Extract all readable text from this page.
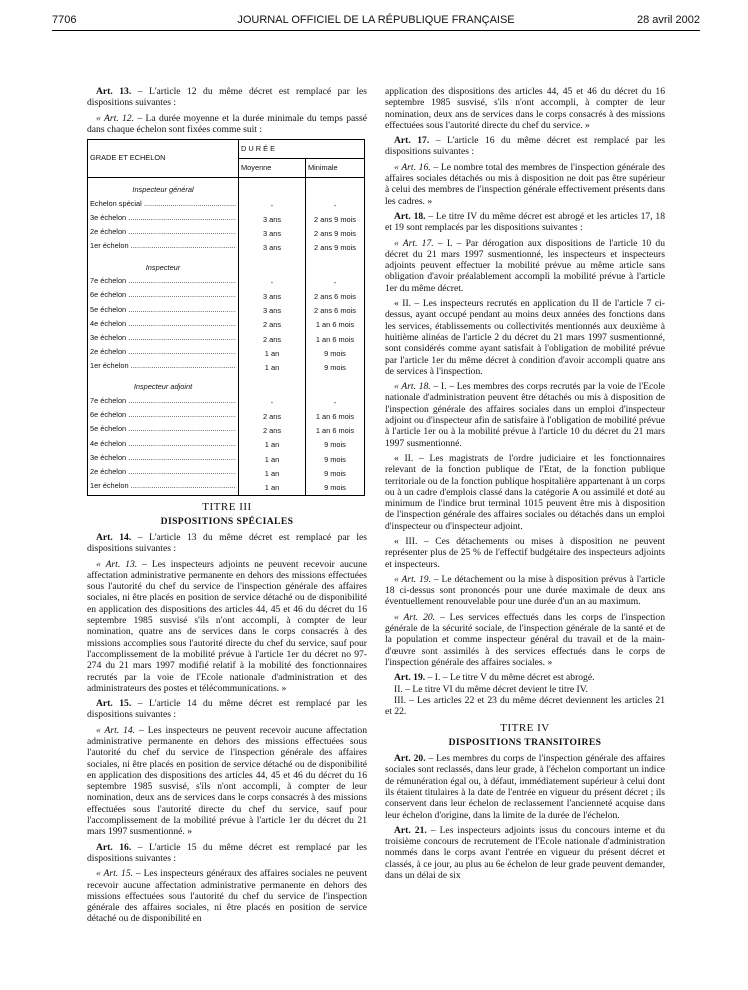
7706	JOURNAL OFFICIEL DE LA RÉPUBLIQUE FRANÇAISE	28 avril 2002

Art. 13. – L'article 12 du même décret est remplacé par les dispositions suivantes :

« Art. 12. – La durée moyenne et la durée minimale du temps passé dans chaque échelon sont fixées comme suit :

GRADE ET ECHELON	D U R É E	
	Moyenne	Minimale
Inspecteur général		
Echelon spécial .....	-	-
3e échelon .....	3 ans	2 ans 9 mois
2e échelon .....	3 ans	2 ans 9 mois
1er échelon .....	3 ans	2 ans 9 mois
Inspecteur		
7e échelon .....	-	-
6e échelon .....	3 ans	2 ans 6 mois
5e échelon .....	3 ans	2 ans 6 mois
4e échelon .....	2 ans	1 an 6 mois
3e échelon .....	2 ans	1 an 6 mois
2e échelon .....	1 an	9 mois
1er échelon .....	1 an	9 mois
Inspecteur adjoint		
7e échelon .....	-	-
6e échelon .....	2 ans	1 an 6 mois
5e échelon .....	2 ans	1 an 6 mois
4e échelon .....	1 an	9 mois
3e échelon .....	1 an	9 mois
2e échelon .....	1 an	9 mois
1er échelon .....	1 an	9 mois
TITRE III
DISPOSITIONS SPÉCIALES

Art. 14. – L'article 13 du même décret est remplacé par les dispositions suivantes :

« Art. 13. – Les inspecteurs adjoints ne peuvent recevoir aucune affectation administrative permanente en dehors des missions effectuées sous l'autorité du chef du service de l'inspection générale des affaires sociales, ni être placés en position de service détaché ou de disponibilité en application des dispositions des articles 44, 45 et 46 du décret du 16 septembre 1985 susvisé s'ils n'ont accompli, à compter de leur nomination, quatre ans de services dans le corps consacrés à des missions accomplies sous l'autorité directe du chef du service, sauf pour l'accomplissement de la mobilité prévue à l'article 1er du décret no 97-274 du 21 mars 1997 modifié relatif à la mobilité des fonctionnaires recrutés par la voie de l'Ecole nationale d'administration et des administrateurs des postes et télécommunications. »

Art. 15. – L'article 14 du même décret est remplacé par les dispositions suivantes :

« Art. 14. – Les inspecteurs ne peuvent recevoir aucune affectation administrative permanente en dehors des missions effectuées sous l'autorité du chef du service de l'inspection générale des affaires sociales, ni être placés en position de service détaché ou de disponibilité en application des dispositions des articles 44, 45 et 46 du décret du 16 septembre 1985 susvisé, s'ils n'ont accompli, à compter de leur nomination, deux ans de services dans le corps consacrés à des missions effectuées sous l'autorité directe du chef du service, sauf pour l'accomplissement de la mobilité prévue à l'article 1er du décret du 21 mars 1997 susmentionné. »

Art. 16. – L'article 15 du même décret est remplacé par les dispositions suivantes :

« Art. 15. – Les inspecteurs généraux des affaires sociales ne peuvent recevoir aucune affectation administrative permanente en dehors des missions effectuées sous l'autorité du chef du service de l'inspection générale des affaires sociales, ni être placés en position de service détaché ou de disponibilité en

application des dispositions des articles 44, 45 et 46 du décret du 16 septembre 1985 susvisé, s'ils n'ont accompli, à compter de leur nomination, deux ans de services dans le corps consacrés à des missions effectuées sous l'autorité directe du chef du service. »

Art. 17. – L'article 16 du même décret est remplacé par les dispositions suivantes :

« Art. 16. – Le nombre total des membres de l'inspection générale des affaires sociales détachés ou mis à disposition ne doit pas être supérieur à celui des membres de l'inspection générale effectivement présents dans les cadres. »

Art. 18. – Le titre IV du même décret est abrogé et les articles 17, 18 et 19 sont remplacés par les dispositions suivantes :

« Art. 17. – I. – Par dérogation aux dispositions de l'article 10 du décret du 21 mars 1997 susmentionné, les inspecteurs et inspecteurs adjoints peuvent effectuer la mobilité prévue au même article sans obligation d'avoir préalablement accompli la mobilité prévue à l'article 1er du même décret.

« II. – Les inspecteurs recrutés en application du II de l'article 7 ci-dessus, ayant occupé pendant au moins deux années des fonctions dans les services, établissements ou collectivités mentionnés aux deuxième à huitième alinéas de l'article 2 du décret du 21 mars 1997 susmentionné, sont considérés comme ayant satisfait à l'obligation de mobilité prévue par l'article 1er du même décret à condition d'avoir accompli quatre ans de services à l'inspection.

« Art. 18. – I. – Les membres des corps recrutés par la voie de l'Ecole nationale d'administration peuvent être détachés ou mis à disposition de l'inspection générale des affaires sociales dans un emploi d'inspecteur adjoint ou d'inspecteur afin de satisfaire à l'obligation de mobilité prévue à l'article 1er ou à la mobilité prévue à l'article 10 du décret du 21 mars 1997 susmentionné.

« II. – Les magistrats de l'ordre judiciaire et les fonctionnaires relevant de la fonction publique de l'Etat, de la fonction publique territoriale ou de la fonction publique hospitalière appartenant à un corps ou à un cadre d'emplois classé dans la catégorie A ou assimilé et doté au minimum de l'indice brut terminal 1015 peuvent être mis à disposition de l'inspection générale des affaires sociales ou détachés dans un emploi d'inspecteur ou d'inspecteur adjoint.

« III. – Ces détachements ou mises à disposition ne peuvent représenter plus de 25 % de l'effectif budgétaire des inspecteurs adjoints et inspecteurs.

« Art. 19. – Le détachement ou la mise à disposition prévus à l'article 18 ci-dessus sont prononcés pour une durée maximale de deux ans éventuellement renouvelable pour une durée d'un an au maximum.

« Art. 20. – Les services effectués dans les corps de l'inspection générale de la sécurité sociale, de l'inspection générale de la santé et de la population et comme inspecteur général du travail et de la main-d'œuvre sont assimilés à des services effectués dans le corps de l'inspection générale des affaires sociales. »

Art. 19. – I. – Le titre V du même décret est abrogé.

II. – Le titre VI du même décret devient le titre IV.

III. – Les articles 22 et 23 du même décret deviennent les articles 21 et 22.

TITRE IV
DISPOSITIONS TRANSITOIRES

Art. 20. – Les membres du corps de l'inspection générale des affaires sociales sont reclassés, dans leur grade, à l'échelon comportant un indice de rémunération égal ou, à défaut, immédiatement supérieur à celui dont ils étaient titulaires à la date de l'entrée en vigueur du présent décret ; ils conservent dans leur échelon de reclassement l'ancienneté acquise dans leur échelon d'origine, dans la limite de la durée de l'échelon.

Art. 21. – Les inspecteurs adjoints issus du concours interne et du troisième concours de recrutement de l'Ecole nationale d'administration nommés dans le corps avant l'entrée en vigueur du présent décret et classés, à ce jour, au plus au 6e échelon de leur grade peuvent demander, dans un délai de six
